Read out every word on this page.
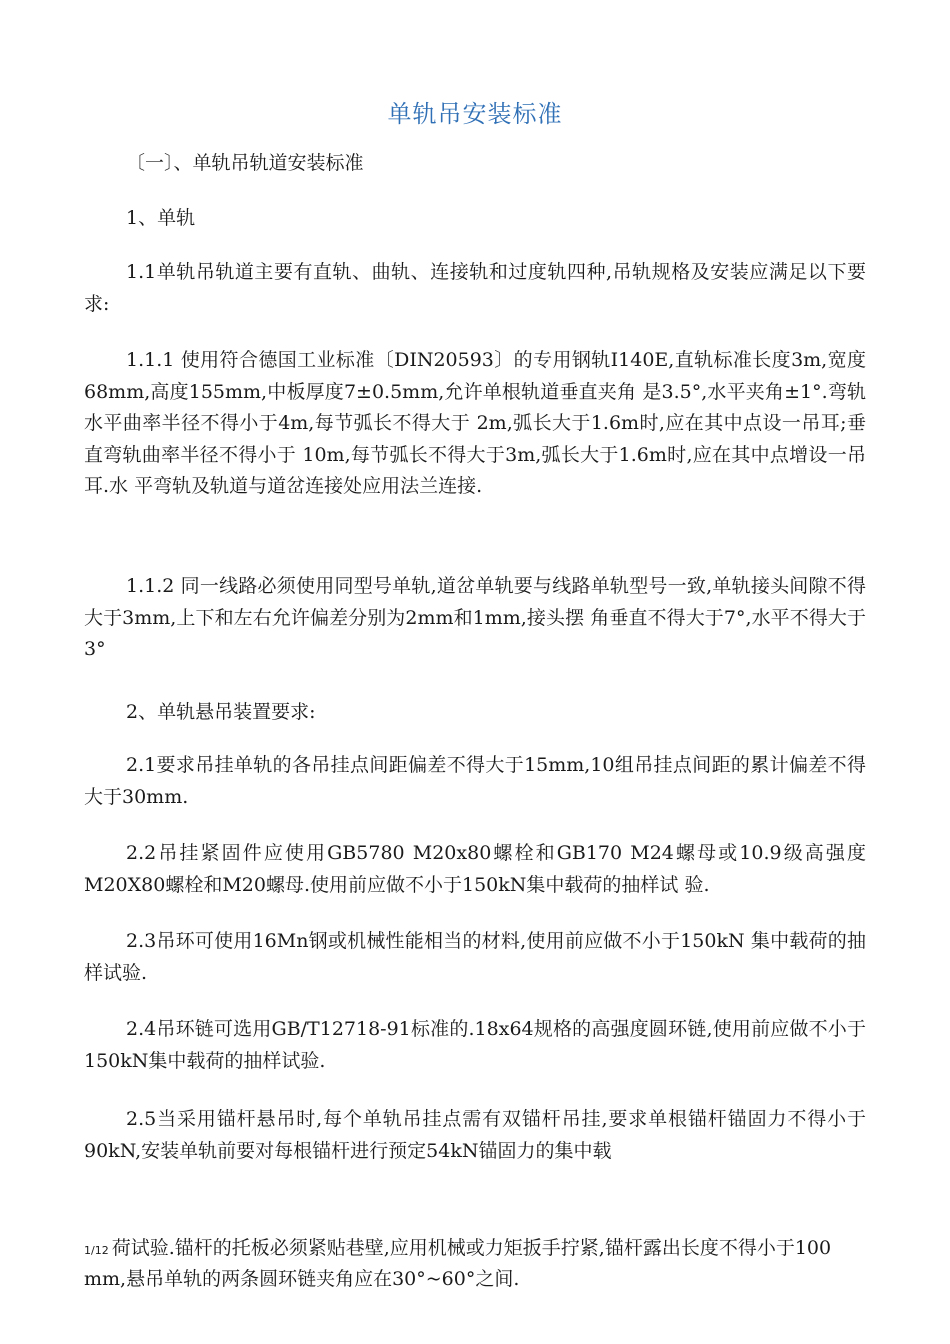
单轨吊安装标准

〔一〕、单轨吊轨道安装标准

1、单轨

1.1单轨吊轨道主要有直轨、曲轨、连接轨和过度轨四种,吊轨规格及安装应满足以下要求:

1.1.1 使用符合德国工业标准〔DIN20593〕的专用钢轨I140E,直轨标准长度3m,宽度68mm,高度155mm,中板厚度7±0.5mm,允许单根轨道垂直夹角 是3.5°,水平夹角±1°.弯轨水平曲率半径不得小于4m,每节弧长不得大于 2m,弧长大于1.6m时,应在其中点设一吊耳;垂直弯轨曲率半径不得小于 10m,每节弧长不得大于3m,弧长大于1.6m时,应在其中点增设一吊耳.水 平弯轨及轨道与道岔连接处应用法兰连接.

1.1.2 同一线路必须使用同型号单轨,道岔单轨要与线路单轨型号一致,单轨接头间隙不得大于3mm,上下和左右允许偏差分别为2mm和1mm,接头摆 角垂直不得大于7°,水平不得大于3°

2、单轨悬吊装置要求:

2.1要求吊挂单轨的各吊挂点间距偏差不得大于15mm,10组吊挂点间距的累计偏差不得大于30mm.

2.2吊挂紧固件应使用GB5780 M20x80螺栓和GB170 M24螺母或10.9级高强度M20X80螺栓和M20螺母.使用前应做不小于150kN集中载荷的抽样试 验.

2.3吊环可使用16Mn钢或机械性能相当的材料,使用前应做不小于150kN 集中载荷的抽样试验.

2.4吊环链可选用GB/T12718-91标准的.18x64规格的高强度圆环链,使用前应做不小于150kN集中载荷的抽样试验.

2.5当采用锚杆悬吊时,每个单轨吊挂点需有双锚杆吊挂,要求单根锚杆锚固力不得小于90kN,安装单轨前要对每根锚杆进行预定54kN锚固力的集中载

1/12 荷试验.锚杆的托板必须紧贴巷壁,应用机械或力矩扳手拧紧,锚杆露出长度不得小于100 mm,悬吊单轨的两条圆环链夹角应在30°~60°之间.
